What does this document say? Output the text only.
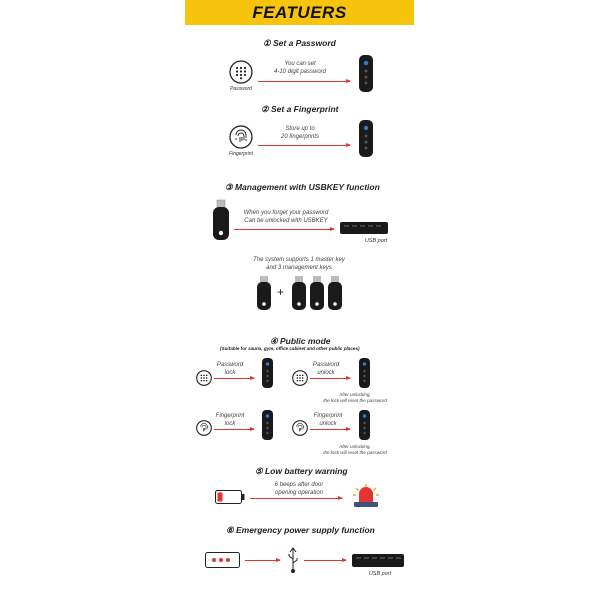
FEATUERS
① Set a Password
Password
You can set
4-10 digit password
② Set a Fingerprint
Fingerprint
Store up to
20 fingerprints
③ Management with USBKEY function
When you forget your password
Can be unlocked with USBKEY
USB port
The system supports 1 master key
and 3 management keys
+
④ Public mode
(Suitable for sauna, gym, office cabinet and other public places)
Password
lock
Password
unlock
After unlocking,
the lock will reset the password
Fingerprint
lock
Fingerprint
unlock
After unlocking,
the lock will reset the password
⑤ Low battery warning
6 beeps after door
opening operation
⑥ Emergency power supply function
USB port
